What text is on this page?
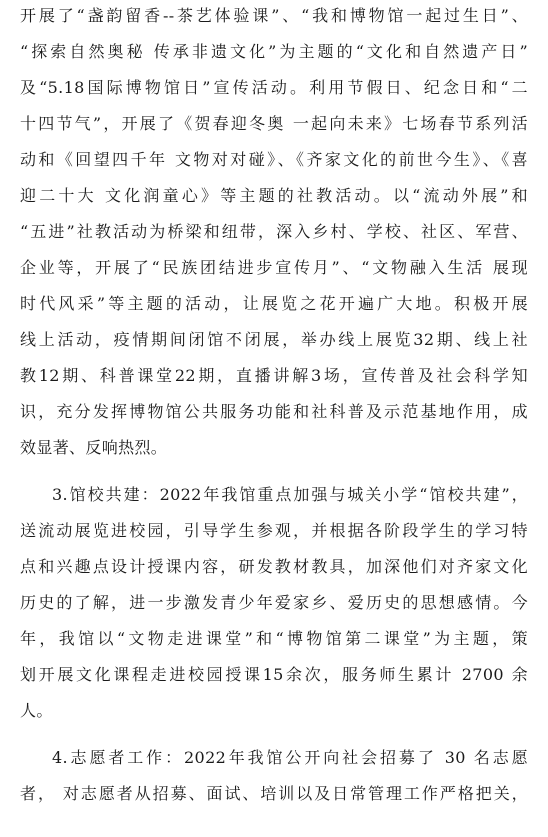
开展了“盏韵留香--茶艺体验课”、“我和博物馆一起过生日”、
“探索自然奥秘 传承非遗文化”为主题的“文化和自然遗产日”
及“5.18国际博物馆日”宣传活动。利用节假日、纪念日和“二
十四节气”，开展了《贺春迎冬奥 一起向未来》七场春节系列活
动和《回望四千年 文物对对碰》、《齐家文化的前世今生》、《喜
迎二十大 文化润童心》等主题的社教活动。以“流动外展”和
“五进”社教活动为桥梁和纽带，深入乡村、学校、社区、军营、
企业等，开展了“民族团结进步宣传月”、“文物融入生活 展现
时代风采”等主题的活动，让展览之花开遍广大地。积极开展
线上活动，疫情期间闭馆不闭展，举办线上展览32期、线上社
教12期、科普课堂22期，直播讲解3场，宣传普及社会科学知
识，充分发挥博物馆公共服务功能和社科普及示范基地作用，成
效显著、反响热烈。
3.馆校共建：2022年我馆重点加强与城关小学“馆校共建”，
送流动展览进校园，引导学生参观，并根据各阶段学生的学习特
点和兴趣点设计授课内容，研发教材教具，加深他们对齐家文化
历史的了解，进一步激发青少年爱家乡、爱历史的思想感情。今
年，我馆以“文物走进课堂”和“博物馆第二课堂”为主题，策
划开展文化课程走进校园授课15余次，服务师生累计 2700 余
人。
4.志愿者工作：2022年我馆公开向社会招募了 30 名志愿
者， 对志愿者从招募、面试、培训以及日常管理工作严格把关，
